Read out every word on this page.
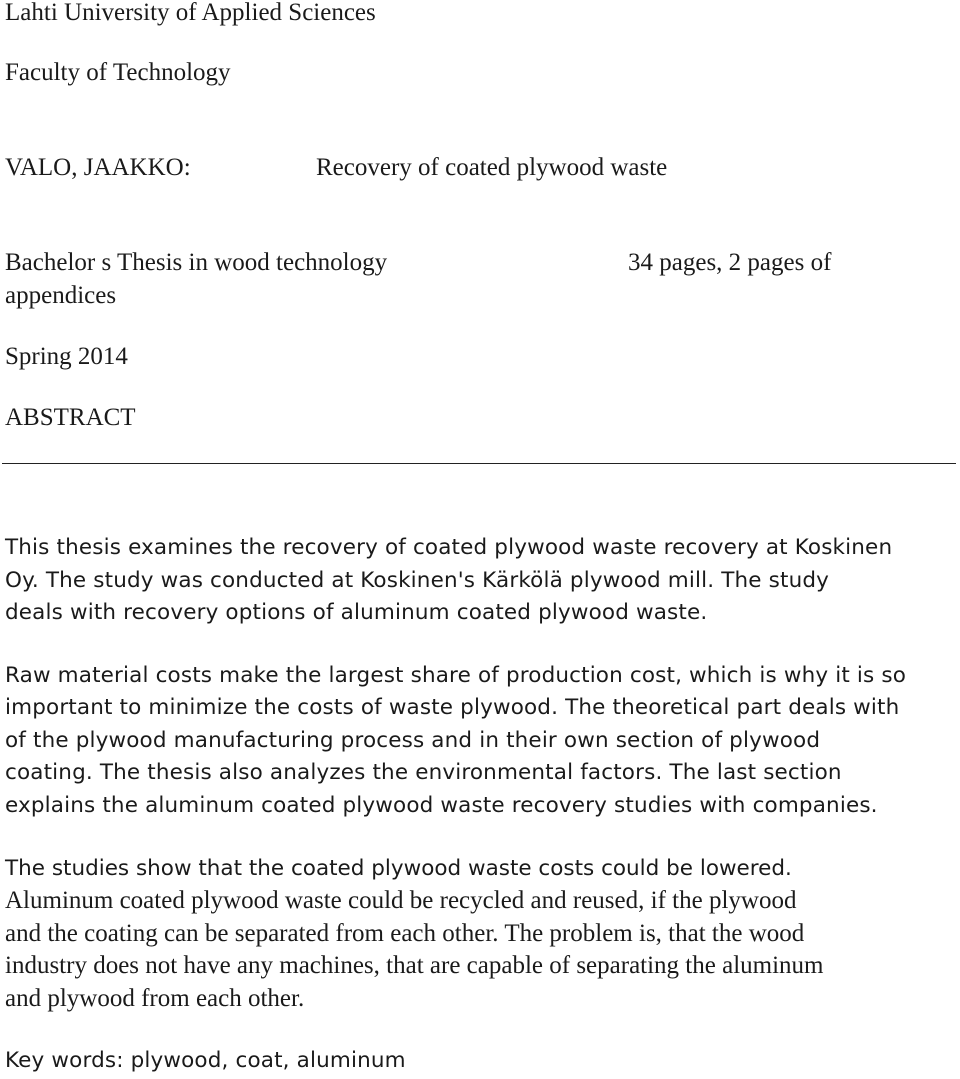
Lahti University of Applied Sciences
Faculty of Technology
VALO, JAAKKO:	Recovery of coated plywood waste
Bachelor s Thesis in wood technology	34 pages, 2 pages of
appendices
Spring 2014
ABSTRACT
This thesis examines the recovery of coated plywood waste recovery at Koskinen
Oy. The study was conducted at Koskinen's Kärkölä plywood mill. The study
deals with recovery options of aluminum coated plywood waste.
Raw material costs make the largest share of production cost, which is why it is so
important to minimize the costs of waste plywood. The theoretical part deals with
of the plywood manufacturing process and in their own section of plywood
coating. The thesis also analyzes the environmental factors. The last section
explains the aluminum coated plywood waste recovery studies with companies.
The studies show that the coated plywood waste costs could be lowered.
Aluminum coated plywood waste could be recycled and reused, if the plywood
and the coating can be separated from each other. The problem is, that the wood
industry does not have any machines, that are capable of separating the aluminum
and plywood from each other.
Key words: plywood, coat, aluminum
